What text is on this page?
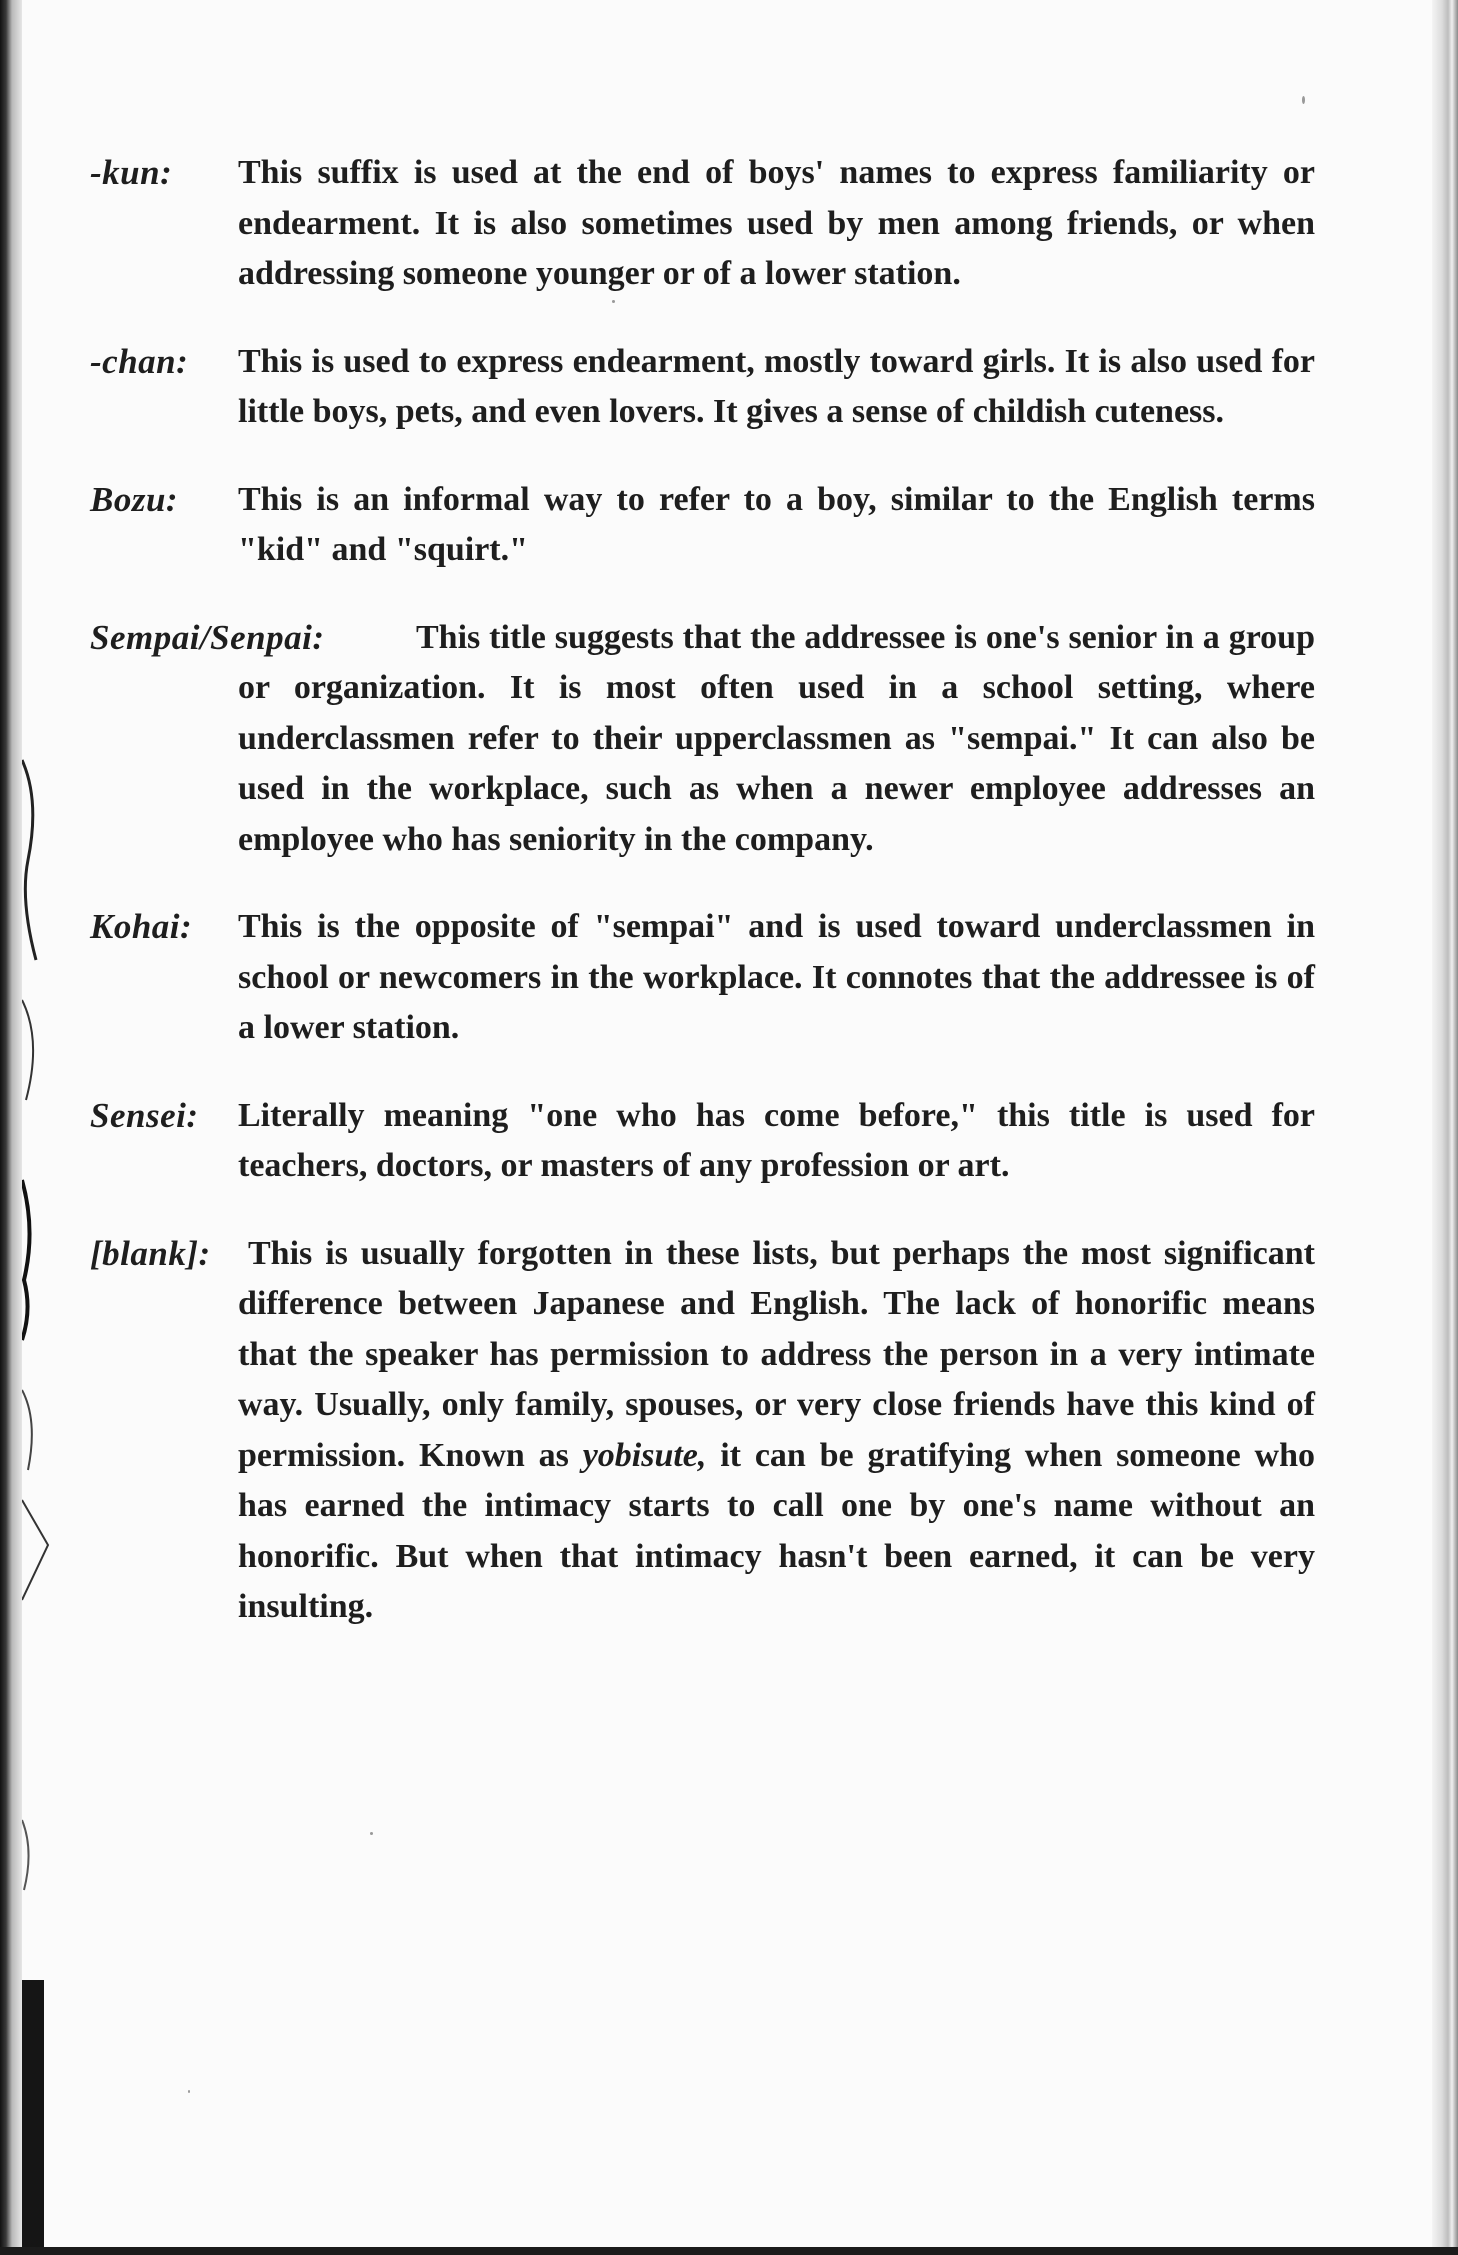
-kun:	This suffix is used at the end of boys' names to express familiarity or endearment. It is also sometimes used by men among friends, or when addressing someone younger or of a lower station.

-chan:	This is used to express endearment, mostly toward girls. It is also used for little boys, pets, and even lovers. It gives a sense of childish cuteness.

Bozu:	This is an informal way to refer to a boy, similar to the English terms "kid" and "squirt."

Sempai/Senpai:	This title suggests that the addressee is one's senior in a group or organization. It is most often used in a school setting, where underclassmen refer to their upperclassmen as "sempai." It can also be used in the workplace, such as when a newer employee addresses an employee who has seniority in the company.

Kohai:	This is the opposite of "sempai" and is used toward underclassmen in school or newcomers in the workplace. It connotes that the addressee is of a lower station.

Sensei:	Literally meaning "one who has come before," this title is used for teachers, doctors, or masters of any profession or art.

[blank]:	This is usually forgotten in these lists, but perhaps the most significant difference between Japanese and English. The lack of honorific means that the speaker has permission to address the person in a very intimate way. Usually, only family, spouses, or very close friends have this kind of permission. Known as yobisute, it can be gratifying when someone who has earned the intimacy starts to call one by one's name without an honorific. But when that intimacy hasn't been earned, it can be very insulting.
